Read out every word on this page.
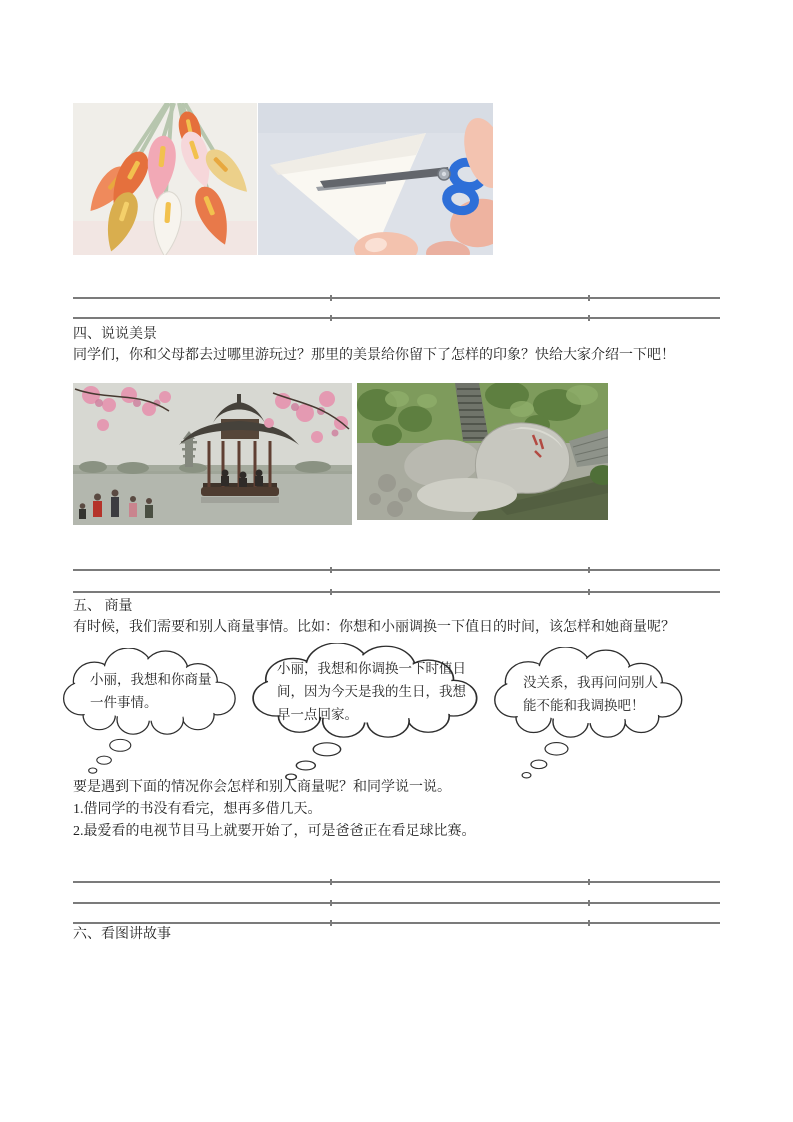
四、说说美景
同学们，你和父母都去过哪里游玩过？那里的美景给你留下了怎样的印象？快给大家介绍一下吧！
五、 商量
有时候，我们需要和别人商量事情。比如：你想和小丽调换一下值日的时间，该怎样和她商量呢？
小丽，我想和你商量一件事情。
小丽，我想和你调换一下时值日间，因为今天是我的生日，我想早一点回家。
没关系，我再问问别人能不能和我调换吧！
要是遇到下面的情况你会怎样和别人商量呢？和同学说一说。
1.借同学的书没有看完，想再多借几天。
2.最爱看的电视节目马上就要开始了，可是爸爸正在看足球比赛。
六、看图讲故事
